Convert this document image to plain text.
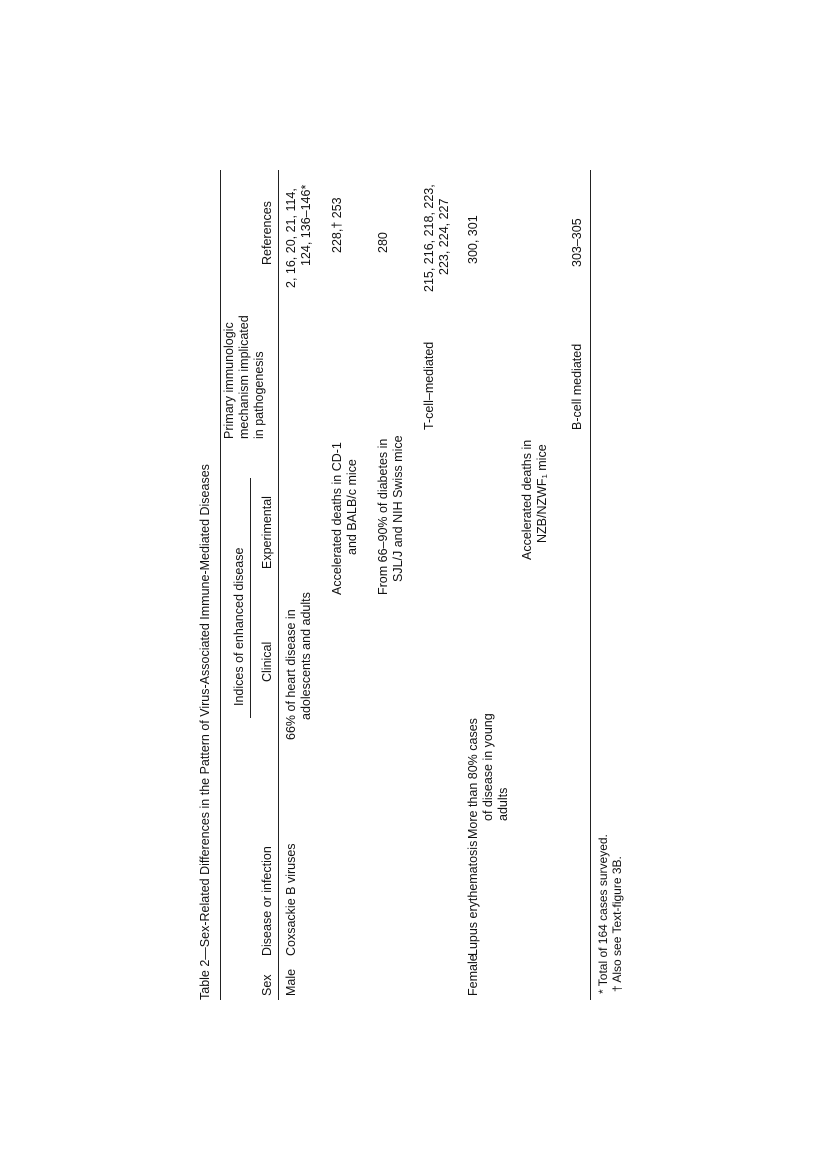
Table 2—Sex-Related Differences in the Pattern of Virus-Associated Immune-Mediated Diseases Indices of enhanced disease
Primary immunologic mechanism implicated in pathogenesis
Sex
Disease or infection
Clinical
Experimental
References
Male
Coxsackie B viruses
66% of heart disease in adolescents and adults
2, 16, 20, 21, 114, 124, 136–146*
Accelerated deaths in CD-1 and BALB/c mice
228,† 253
From 66–90% of diabetes in SJL/J and NIH Swiss mice
280
T-cell–mediated
215, 216, 218, 223, 223, 224, 227
Female
Lupus erythematosis
More than 80% cases of disease in young adults
300, 301
Accelerated deaths in NZB/NZWF₁ mice
B-cell mediated
303–305
* Total of 164 cases surveyed. † Also see Text-figure 3B.
